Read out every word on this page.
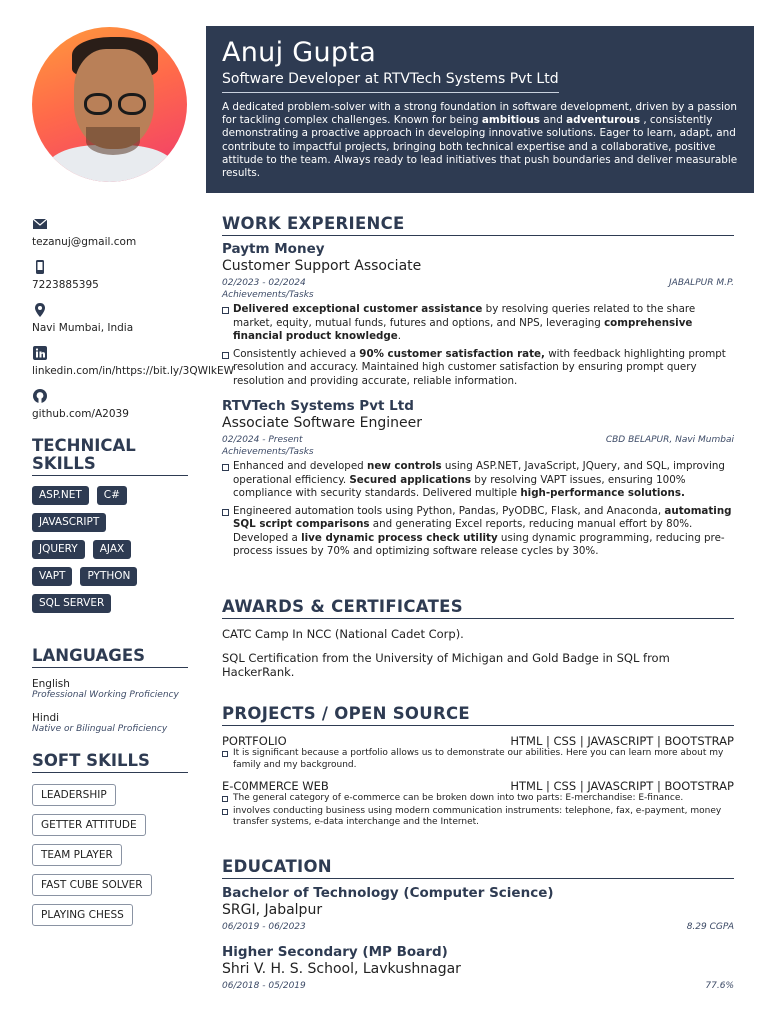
Anuj Gupta
Software Developer at RTVTech Systems Pvt Ltd
A dedicated problem-solver with a strong foundation in software development, driven by a passion for tackling complex challenges. Known for being ambitious and adventurous , consistently demonstrating a proactive approach in developing innovative solutions. Eager to learn, adapt, and contribute to impactful projects, bringing both technical expertise and a collaborative, positive attitude to the team. Always ready to lead initiatives that push boundaries and deliver measurable results.
tezanuj@gmail.com
7223885395
Navi Mumbai, India
linkedin.com/in/https://bit.ly/3QWlkEW
github.com/A2039
TECHNICAL SKILLS
ASP.NET	C#
JAVASCRIPT
JQUERY	AJAX
VAPT	PYTHON
SQL SERVER
LANGUAGES
English
Professional Working Proficiency
Hindi
Native or Bilingual Proficiency
SOFT SKILLS
LEADERSHIP
GETTER ATTITUDE
TEAM PLAYER
FAST CUBE SOLVER
PLAYING CHESS
WORK EXPERIENCE
Paytm Money
Customer Support Associate
02/2023 - 02/2024	JABALPUR M.P.
Achievements/Tasks
Delivered exceptional customer assistance by resolving queries related to the share market, equity, mutual funds, futures and options, and NPS, leveraging comprehensive financial product knowledge.
Consistently achieved a 90% customer satisfaction rate, with feedback highlighting prompt resolution and accuracy. Maintained high customer satisfaction by ensuring prompt query resolution and providing accurate, reliable information.
RTVTech Systems Pvt Ltd
Associate Software Engineer
02/2024 - Present	CBD BELAPUR, Navi Mumbai
Achievements/Tasks
Enhanced and developed new controls using ASP.NET, JavaScript, JQuery, and SQL, improving operational efficiency. Secured applications by resolving VAPT issues, ensuring 100% compliance with security standards. Delivered multiple high-performance solutions.
Engineered automation tools using Python, Pandas, PyODBC, Flask, and Anaconda, automating SQL script comparisons and generating Excel reports, reducing manual effort by 80%. Developed a live dynamic process check utility using dynamic programming, reducing pre-process issues by 70% and optimizing software release cycles by 30%.
AWARDS & CERTIFICATES
CATC Camp In NCC (National Cadet Corp).
SQL Certification from the University of Michigan and Gold Badge in SQL from HackerRank.
PROJECTS / OPEN SOURCE
PORTFOLIO	HTML | CSS | JAVASCRIPT | BOOTSTRAP
It is significant because a portfolio allows us to demonstrate our abilities. Here you can learn more about my family and my background.
E-C0MMERCE WEB	HTML | CSS | JAVASCRIPT | BOOTSTRAP
The general category of e-commerce can be broken down into two parts: E-merchandise: E-finance.
involves conducting business using modern communication instruments: telephone, fax, e-payment, money transfer systems, e-data interchange and the Internet.
EDUCATION
Bachelor of Technology (Computer Science)
SRGI, Jabalpur
06/2019 - 06/2023	8.29 CGPA
Higher Secondary (MP Board)
Shri V. H. S. School, Lavkushnagar
06/2018 - 05/2019	77.6%
